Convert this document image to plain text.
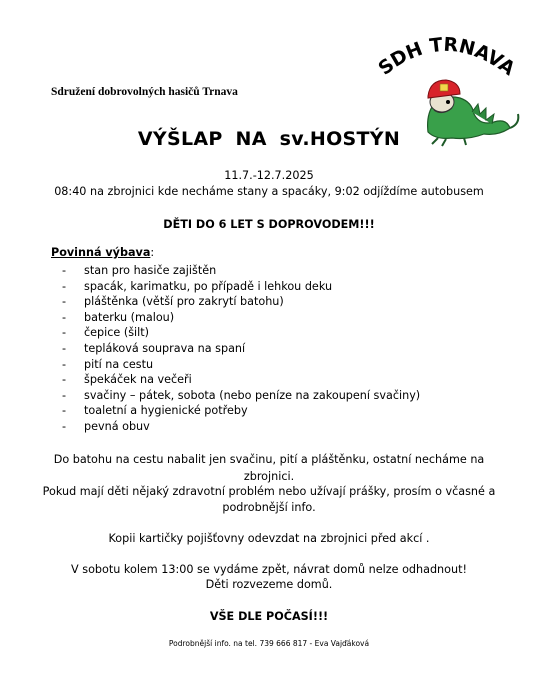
Sdružení dobrovolných hasičů Trnava
SDH TRNAVA
VÝŠLAP NA sv.HOSTÝN
11.7.-12.7.2025
08:40 na zbrojnici kde necháme stany a spacáky, 9:02 odjíždíme autobusem
DĚTI DO 6 LET S DOPROVODEM!!!
Povinná výbava:
- stan pro hasiče zajištěn
- spacák, karimatku, po případě i lehkou deku
- pláštěnka (větší pro zakrytí batohu)
- baterku (malou)
- čepice (šilt)
- tepláková souprava na spaní
- pití na cestu
- špekáček na večeři
- svačiny – pátek, sobota (nebo peníze na zakoupení svačiny)
- toaletní a hygienické potřeby
- pevná obuv
Do batohu na cestu nabalit jen svačinu, pití a pláštěnku, ostatní necháme na
zbrojnici.
Pokud mají děti nějaký zdravotní problém nebo užívají prášky, prosím o včasné a
podrobnější info.
Kopii kartičky pojišťovny odevzdat na zbrojnici před akcí .
V sobotu kolem 13:00 se vydáme zpět, návrat domů nelze odhadnout!
Děti rozvezeme domů.
VŠE DLE POČASÍ!!!
Podrobnější info. na tel. 739 666 817 - Eva Vajďáková
